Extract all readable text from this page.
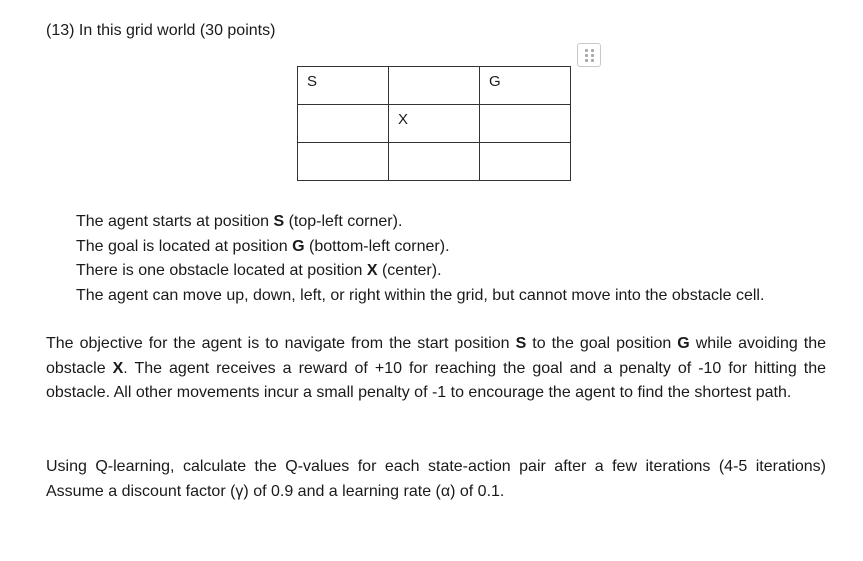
(13) In this grid world (30 points)
S		G

	X	

The agent starts at position S (top-left corner).

The goal is located at position G (bottom-left corner).

There is one obstacle located at position X (center).

The agent can move up, down, left, or right within the grid, but cannot move into the obstacle cell.

The objective for the agent is to navigate from the start position S to the goal position G while avoiding the obstacle X. The agent receives a reward of +10 for reaching the goal and a penalty of -10 for hitting the obstacle. All other movements incur a small penalty of -1 to encourage the agent to find the shortest path.

Using Q-learning, calculate the Q-values for each state-action pair after a few iterations (4-5 iterations) Assume a discount factor (γ) of 0.9 and a learning rate (α) of 0.1.
